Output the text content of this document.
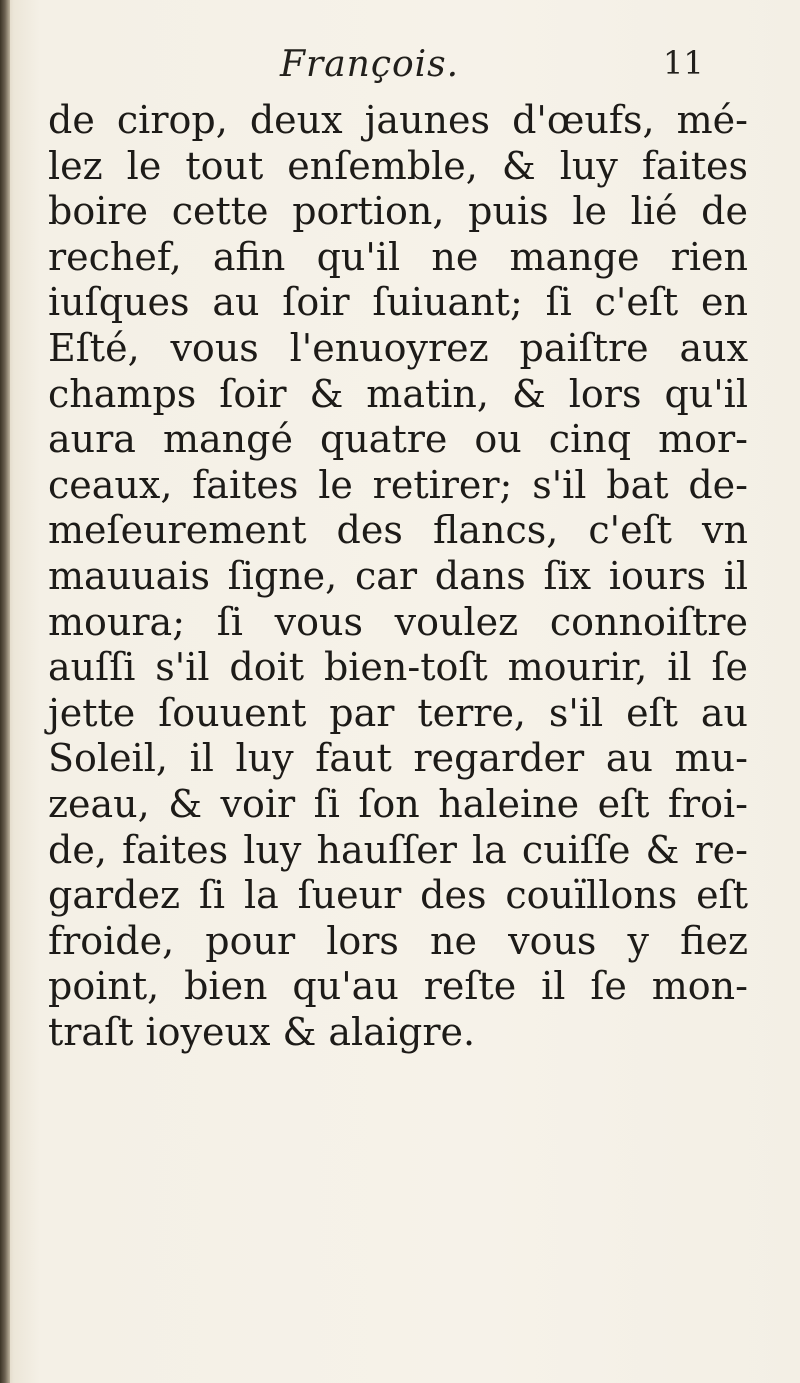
François.	11
de cirop, deux jaunes d'œufs, mé-
lez le tout enſemble, & luy faites
boire cette portion, puis le lié de
rechef, afin qu'il ne mange rien
iuſques au ſoir ſuiuant; ſi c'eſt en
Eſté, vous l'enuoyrez paiſtre aux
champs ſoir & matin, & lors qu'il
aura mangé quatre ou cinq mor-
ceaux, faites le retirer; s'il bat de-
meſeurement des flancs, c'eſt vn
mauuais ſigne, car dans ſix iours il
moura; ſi vous voulez connoiſtre
auſſi s'il doit bien-toſt mourir, il ſe
jette ſouuent par terre, s'il eſt au
Soleil, il luy faut regarder au mu-
zeau, & voir ſi ſon haleine eſt froi-
de, faites luy hauſſer la cuiſſe & re-
gardez ſi la ſueur des couïllons eſt
froide, pour lors ne vous y fiez
point, bien qu'au reſte il ſe mon-
traſt ioyeux & alaigre.
